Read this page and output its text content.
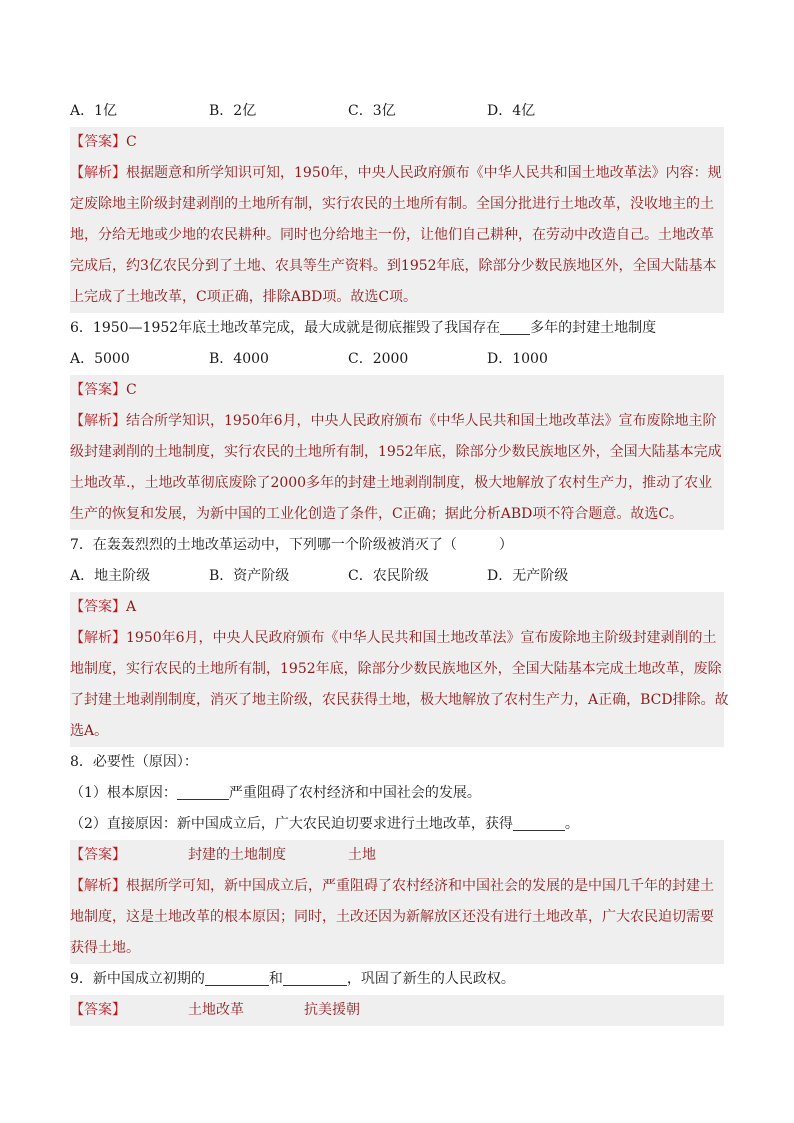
A．1亿	B．2亿	C．3亿	D．4亿
【答案】C
【解析】根据题意和所学知识可知，1950年，中央人民政府颁布《中华人民共和国土地改革法》内容：规
定废除地主阶级封建剥削的土地所有制，实行农民的土地所有制。全国分批进行土地改革，没收地主的土
地，分给无地或少地的农民耕种。同时也分给地主一份，让他们自己耕种，在劳动中改造自己。土地改革
完成后，约3亿农民分到了土地、农具等生产资料。到1952年底，除部分少数民族地区外，全国大陆基本
上完成了土地改革，C项正确，排除ABD项。故选C项。
6．1950—1952年底土地改革完成，最大成就是彻底摧毁了我国存在 多年的封建土地制度
A．5000	B．4000	C．2000	D．1000
【答案】C
【解析】结合所学知识，1950年6月，中央人民政府颁布《中华人民共和国土地改革法》宣布废除地主阶
级封建剥削的土地制度，实行农民的土地所有制，1952年底，除部分少数民族地区外，全国大陆基本完成
土地改革.，土地改革彻底废除了2000多年的封建土地剥削制度，极大地解放了农村生产力，推动了农业
生产的恢复和发展，为新中国的工业化创造了条件，C正确；据此分析ABD项不符合题意。故选C。
7．在轰轰烈烈的土地改革运动中，下列哪一个阶级被消灭了（　　　）
A．地主阶级	B．资产阶级	C．农民阶级	D．无产阶级
【答案】A
【解析】1950年6月，中央人民政府颁布《中华人民共和国土地改革法》宣布废除地主阶级封建剥削的土
地制度，实行农民的土地所有制，1952年底，除部分少数民族地区外，全国大陆基本完成土地改革，废除
了封建土地剥削制度，消灭了地主阶级，农民获得土地，极大地解放了农村生产力，A正确，BCD排除。故
选A。
8．必要性（原因）：
（1）根本原因：	严重阻碍了农村经济和中国社会的发展。
（2）直接原因：新中国成立后，广大农民迫切要求进行土地改革，获得	。
【答案】	封建的土地制度	土地
【解析】根据所学可知，新中国成立后，严重阻碍了农村经济和中国社会的发展的是中国几千年的封建土
地制度，这是土地改革的根本原因；同时，土改还因为新解放区还没有进行土地改革，广大农民迫切需要
获得土地。
9．新中国成立初期的	和	，巩固了新生的人民政权。
【答案】	土地改革	抗美援朝
